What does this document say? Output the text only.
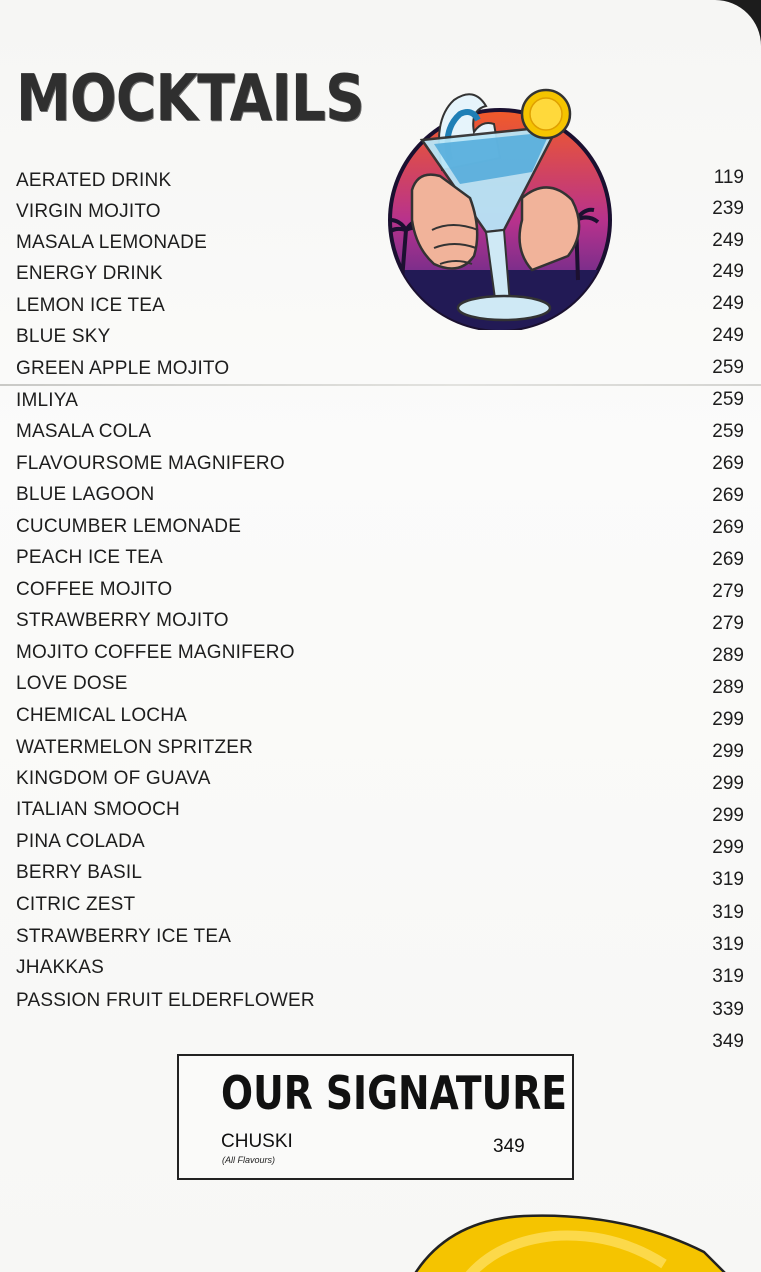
MOCKTAILS
AERATED DRINK	119
VIRGIN MOJITO	239
MASALA LEMONADE	249
ENERGY DRINK	249
LEMON ICE TEA	249
BLUE SKY	249
GREEN APPLE MOJITO	259
IMLIYA	259
MASALA COLA	259
FLAVOURSOME MAGNIFERO	269
BLUE LAGOON	269
CUCUMBER LEMONADE	269
PEACH ICE TEA	269
COFFEE MOJITO	279
STRAWBERRY MOJITO	279
MOJITO COFFEE MAGNIFERO	289
LOVE DOSE	289
CHEMICAL LOCHA	299
WATERMELON SPRITZER	299
KINGDOM OF GUAVA	299
ITALIAN SMOOCH	299
PINA COLADA	299
BERRY BASIL	319
CITRIC ZEST	319
STRAWBERRY ICE TEA	319
JHAKKAS	319
PASSION FRUIT ELDERFLOWER	339
349
OUR SIGNATURE
CHUSKI
(All Flavours)
349
